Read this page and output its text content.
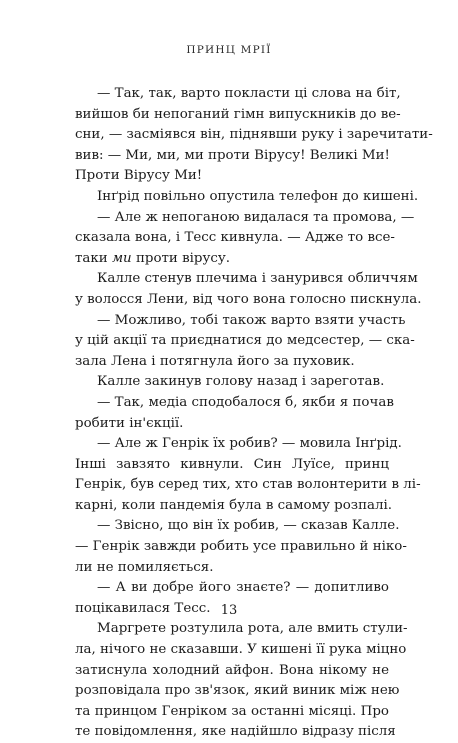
ПРИНЦ МРІЇ
— Так, так, варто покласти ці слова на біт,
вийшов би непоганий гімн випускників до ве-
сни, — засміявся він, піднявши руку і заречитати-
вив: — Ми, ми, ми проти Вірусу! Великі Ми!
Проти Вірусу Ми!
Інґрід повільно опустила телефон до кишені.
— Але ж непоганою видалася та промова, —
сказала вона, і Тесс кивнула. — Адже то все-
таки ми проти вірусу.
Калле стенув плечима і занурився обличчям
у волосся Лени, від чого вона голосно пискнула.
— Можливо, тобі також варто взяти участь
у цій акції та приєднатися до медсестер, — ска-
зала Лена і потягнула його за пуховик.
Калле закинув голову назад і зареготав.
— Так, медіа сподобалося б, якби я почав
робити ін'єкції.
— Але ж Генрік їх робив? — мовила Інґрід.
Інші завзято кивнули. Син Луїсе, принц
Генрік, був серед тих, хто став волонтерити в лі-
карні, коли пандемія була в самому розпалі.
— Звісно, що він їх робив, — сказав Калле.
— Генрік завжди робить усе правильно й ніко-
ли не помиляється.
— А ви добре його знаєте? — допитливо
поцікавилася Тесс.
Маргрете розтулила рота, але вмить стули-
ла, нічого не сказавши. У кишені її рука міцно
затиснула холодний айфон. Вона нікому не
розповідала про зв'язок, який виник між нею
та принцом Генріком за останні місяці. Про
те повідомлення, яке надійшло відразу після
13
